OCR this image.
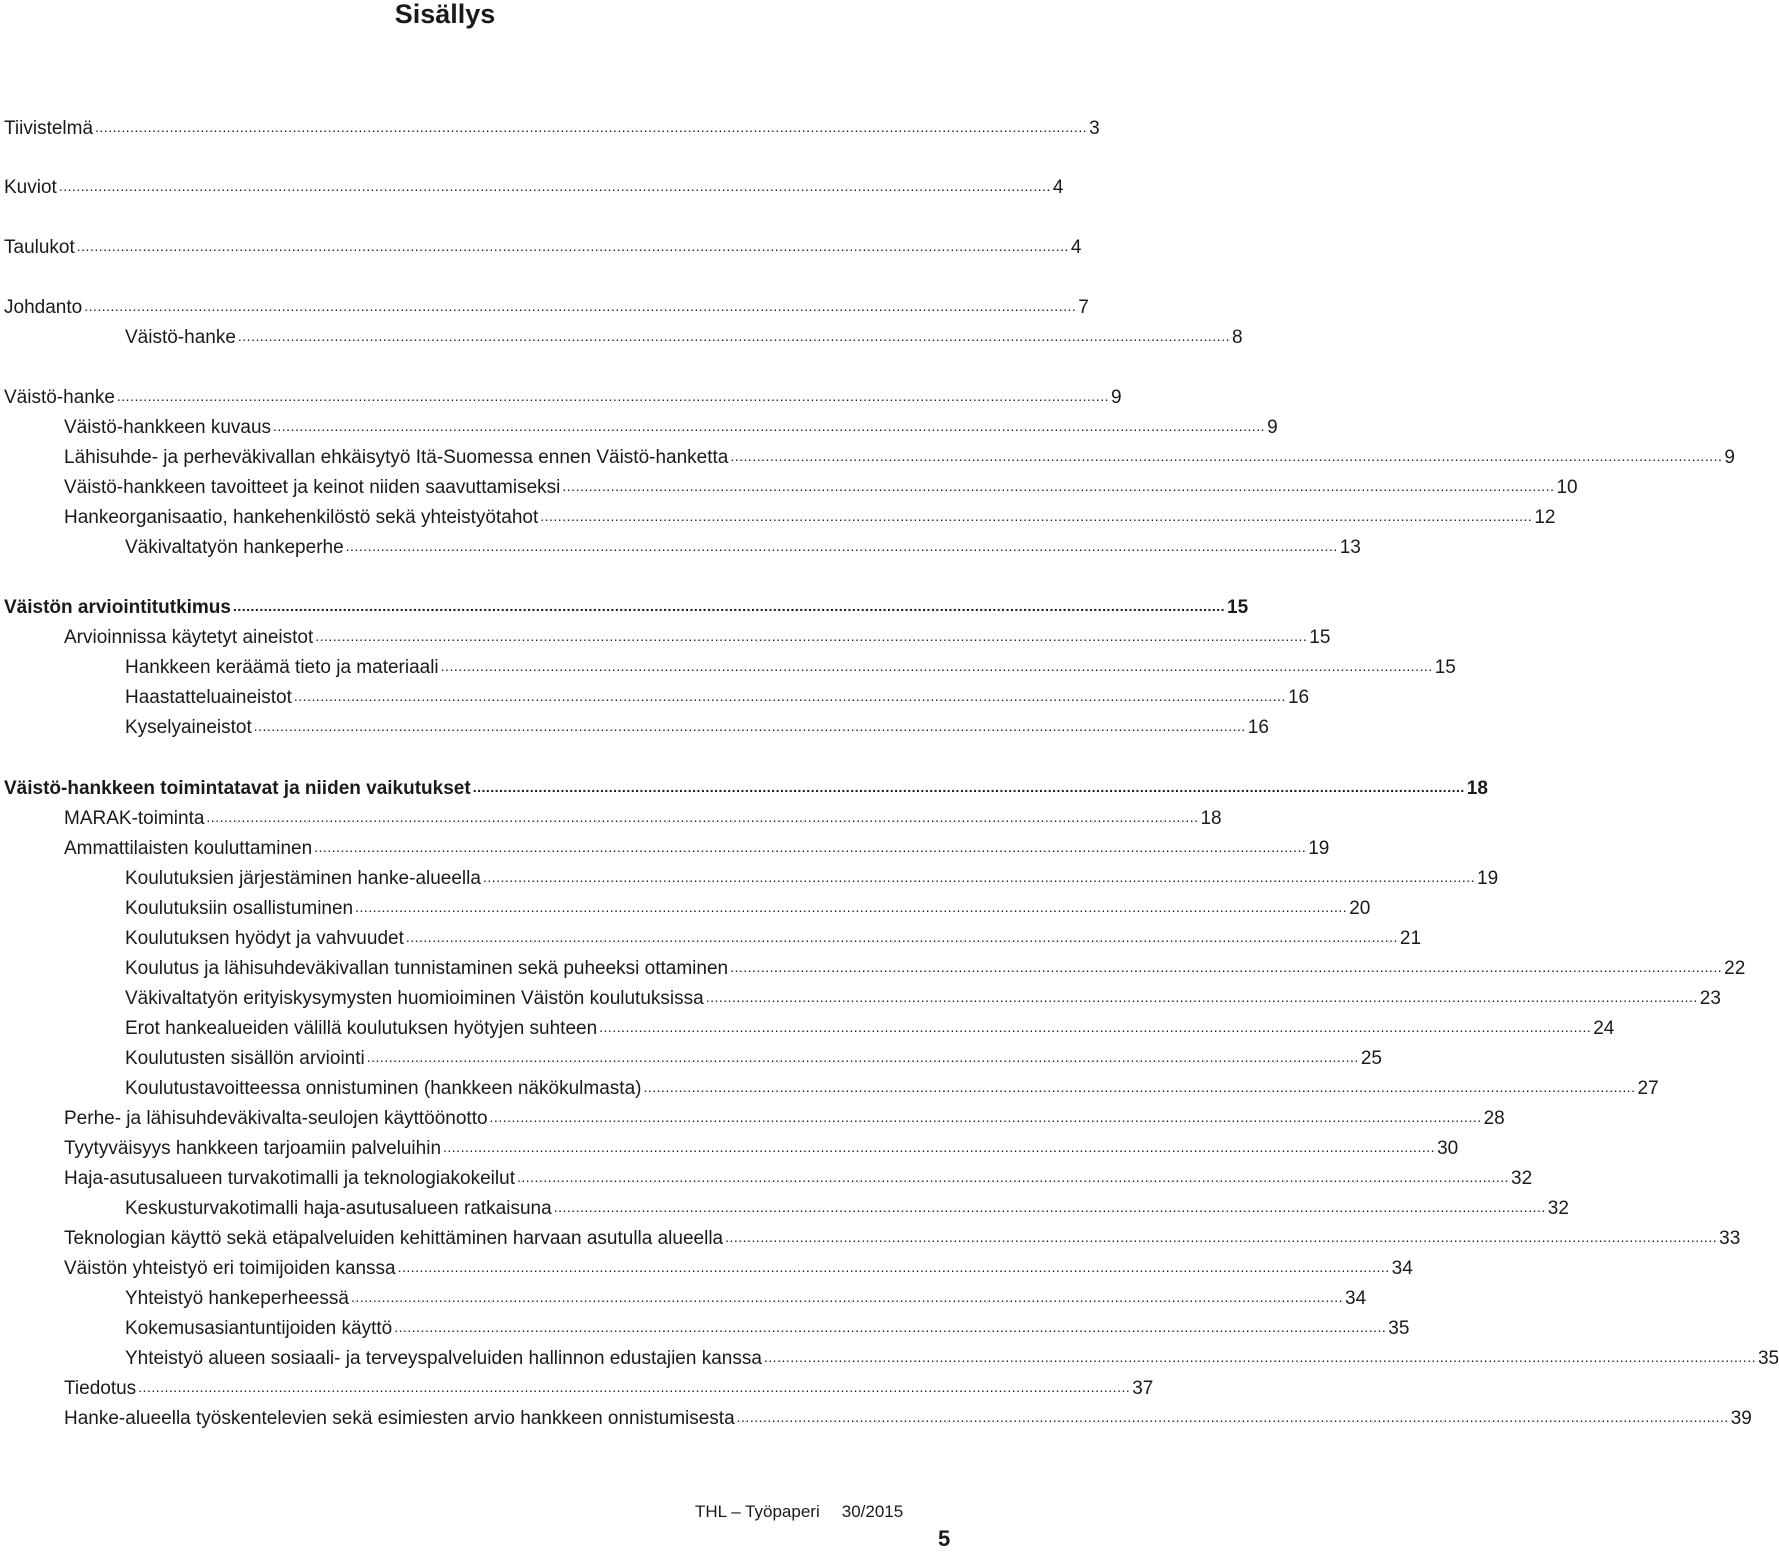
Sisällys
Tiivistelmä .....	3
Kuviot .....	4
Taulukot .....	4
Johdanto .....	7
Väistö-hanke .....	8
Väistö-hanke .....	9
Väistö-hankkeen kuvaus .....	9
Lähisuhde- ja perheväkivallan ehkäisytyö Itä-Suomessa ennen Väistö-hanketta .....	9
Väistö-hankkeen tavoitteet ja keinot niiden saavuttamiseksi .....	10
Hankeorganisaatio, hankehenkilöstö sekä yhteistyötahot .....	12
Väkivaltatyön hankeperhe .....	13
Väistön arviointitutkimus .....	15
Arvioinnissa käytetyt aineistot .....	15
Hankkeen keräämä tieto ja materiaali .....	15
Haastatteluaineistot .....	16
Kyselyaineistot .....	16
Väistö-hankkeen toimintatavat ja niiden vaikutukset .....	18
MARAK-toiminta .....	18
Ammattilaisten kouluttaminen .....	19
Koulutuksien järjestäminen hanke-alueella .....	19
Koulutuksiin osallistuminen .....	20
Koulutuksen hyödyt ja vahvuudet .....	21
Koulutus ja lähisuhdeväkivallan tunnistaminen sekä puheeksi ottaminen .....	22
Väkivaltatyön erityiskysymysten huomioiminen Väistön koulutuksissa .....	23
Erot hankealueiden välillä koulutuksen hyötyjen suhteen .....	24
Koulutusten sisällön arviointi .....	25
Koulutustavoitteessa onnistuminen (hankkeen näkökulmasta) .....	27
Perhe- ja lähisuhdeväkivalta-seulojen käyttöönotto .....	28
Tyytyväisyys hankkeen tarjoamiin palveluihin .....	30
Haja-asutusalueen turvakotimalli ja teknologiakokeilut .....	32
Keskusturvakotimalli haja-asutusalueen ratkaisuna .....	32
Teknologian käyttö sekä etäpalveluiden kehittäminen harvaan asutulla alueella .....	33
Väistön yhteistyö eri toimijoiden kanssa .....	34
Yhteistyö hankeperheessä .....	34
Kokemusasiantuntijoiden käyttö .....	35
Yhteistyö alueen sosiaali- ja terveyspalveluiden hallinnon edustajien kanssa .....	35
Tiedotus .....	37
Hanke-alueella työskentelevien sekä esimiesten arvio hankkeen onnistumisesta .....	39
THL – Työpaperi 30/2015
5
